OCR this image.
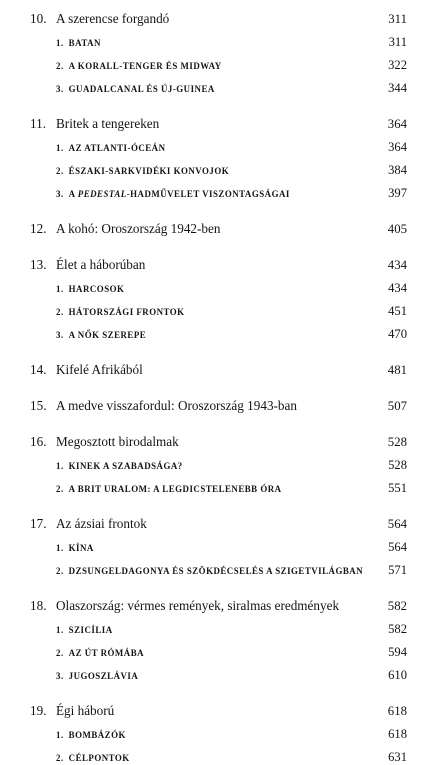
10. A szerencse forgandó	311
1. BATAN	311
2. A KORALL-TENGER ÉS MIDWAY	322
3. GUADALCANAL ÉS ÚJ-GUINEA	344
11. Britek a tengereken	364
1. AZ ATLANTI-ÓCEÁN	364
2. ÉSZAKI-SARKVIDÉKI KONVOJOK	384
3. A PEDESTAL-HADMŰVELET VISZONTAGSÁGAI	397
12. A kohó: Oroszország 1942-ben	405
13. Élet a háborúban	434
1. HARCOSOK	434
2. HÁTORSZÁGI FRONTOK	451
3. A NŐK SZEREPE	470
14. Kifelé Afrikából	481
15. A medve visszafordul: Oroszország 1943-ban	507
16. Megosztott birodalmak	528
1. KINEK A SZABADSÁGA?	528
2. A BRIT URALOM: A LEGDICSTELENEBB ÓRA	551
17. Az ázsiai frontok	564
1. KÍNA	564
2. DZSUNGELDAGONYA ÉS SZÖKDÉCSELÉS A SZIGETVILÁGBAN	571
18. Olaszország: vérmes remények, siralmas eredmények	582
1. SZICÍLIA	582
2. AZ ÚT RÓMÁBA	594
3. JUGOSZLÁVIA	610
19. Égi háború	618
1. BOMBÁZÓK	618
2. CÉLPONTOK	631
